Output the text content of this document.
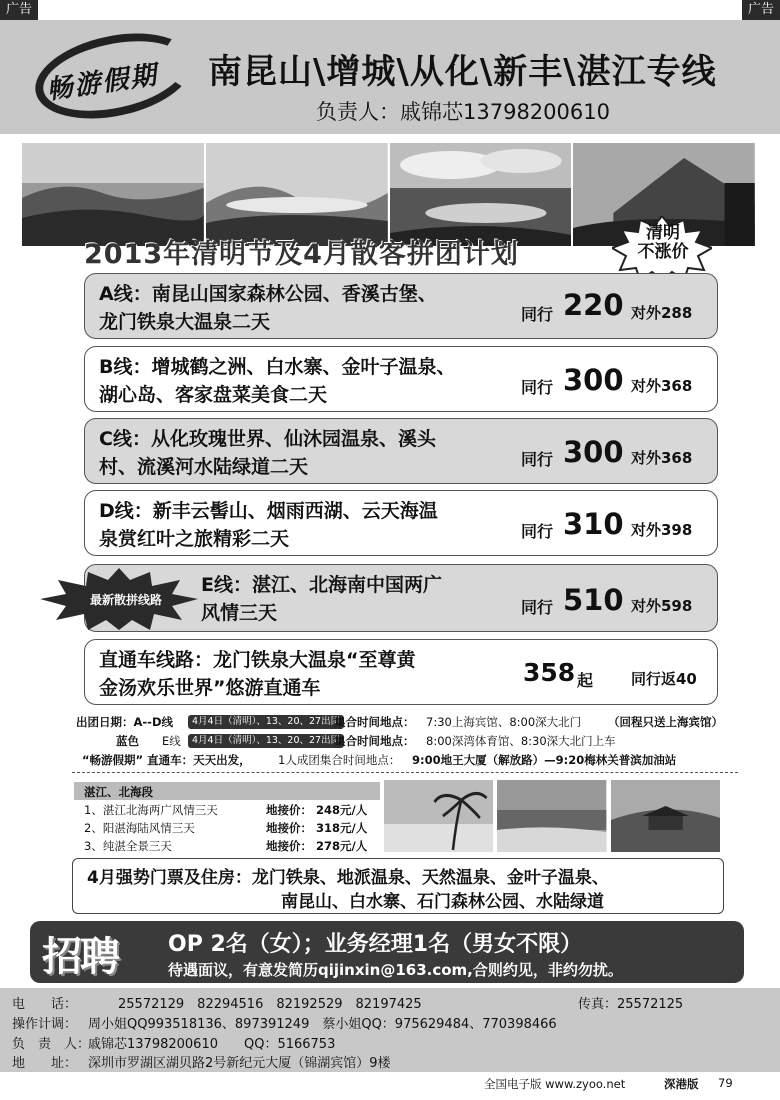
广告	广告
畅游假期 南昆山\增城\从化\新丰\湛江专线
负责人：戚锦芯13798200610
2013年清明节及4月散客拼团计划
清明
不涨价
A线：南昆山国家森林公园、香溪古堡、
龙门铁泉大温泉二天	同行 220 对外288
B线：增城鹤之洲、白水寨、金叶子温泉、
湖心岛、客家盘菜美食二天	同行 300 对外368
C线：从化玫瑰世界、仙沐园温泉、溪头
村、流溪河水陆绿道二天	同行 300 对外368
D线：新丰云髻山、烟雨西湖、云天海温
泉赏红叶之旅精彩二天	同行 310 对外398
E线：湛江、北海南中国两广
风情三天	同行 510 对外598
最新散拼线路
直通车线路：龙门铁泉大温泉“至尊黄
金汤欢乐世界”悠游直通车
358 起	同行返40
出团日期：A--D线	4月4日（清明）、13、20、27出团
集合时间地点： 7:30上海宾馆、8:00深大北门 （回程只送上海宾馆）
蓝色 E线	4月4日（清明）、13、20、27出团
集合时间地点： 8:00深湾体育馆、8:30深大北门上车
“畅游假期” 直通车：天天出发， 1人成团集合时间地点： 9:00地王大厦（解放路）—9:20梅林关普滨加油站
湛江、北海段
1、湛江北海两广风情三天	地接价： 248元/人
2、阳湛海陆风情三天	地接价： 318元/人
3、纯湛全景三天	地接价： 278元/人
4月强势门票及住房：龙门铁泉、地派温泉、天然温泉、金叶子温泉、
南昆山、白水寨、石门森林公园、水陆绿道
招聘 OP 2名（女）；业务经理1名（男女不限）
待遇面议，有意发简历qijinxin@163.com,合则约见，非约勿扰。
电　　话：	25572129　82294516　82192529　82197425	传真：25572125
操作计调： 周小姐QQ993518136、897391249　蔡小姐QQ：975629484、770398466
负　责　人：
戚锦芯13798200610　　QQ：5166753
地　　址： 深圳市罗湖区湖贝路2号新纪元大厦（锦湖宾馆）9楼
全国电子版 www.zyoo.net	深港版 79
